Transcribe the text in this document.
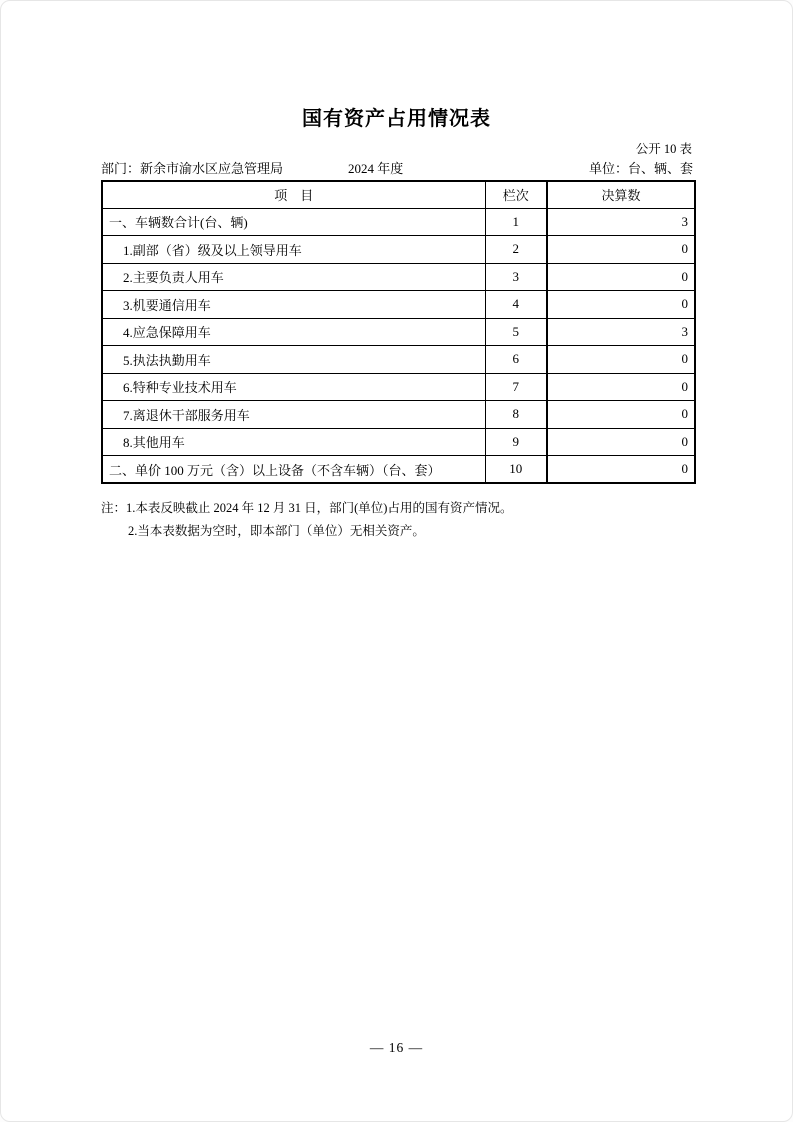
国有资产占用情况表
公开 10 表
部门：新余市渝水区应急管理局	2024 年度	单位：台、辆、套
项　目	栏次	决算数
一、车辆数合计(台、辆)	1	3
1.副部（省）级及以上领导用车	2	0
2.主要负责人用车	3	0
3.机要通信用车	4	0
4.应急保障用车	5	3
5.执法执勤用车	6	0
6.特种专业技术用车	7	0
7.离退休干部服务用车	8	0
8.其他用车	9	0
二、单价 100 万元（含）以上设备（不含车辆）（台、套）	10	0
注： 1.本表反映截止 2024 年 12 月 31 日，部门(单位)占用的国有资产情况。
2.当本表数据为空时，即本部门（单位）无相关资产。
— 16 —
